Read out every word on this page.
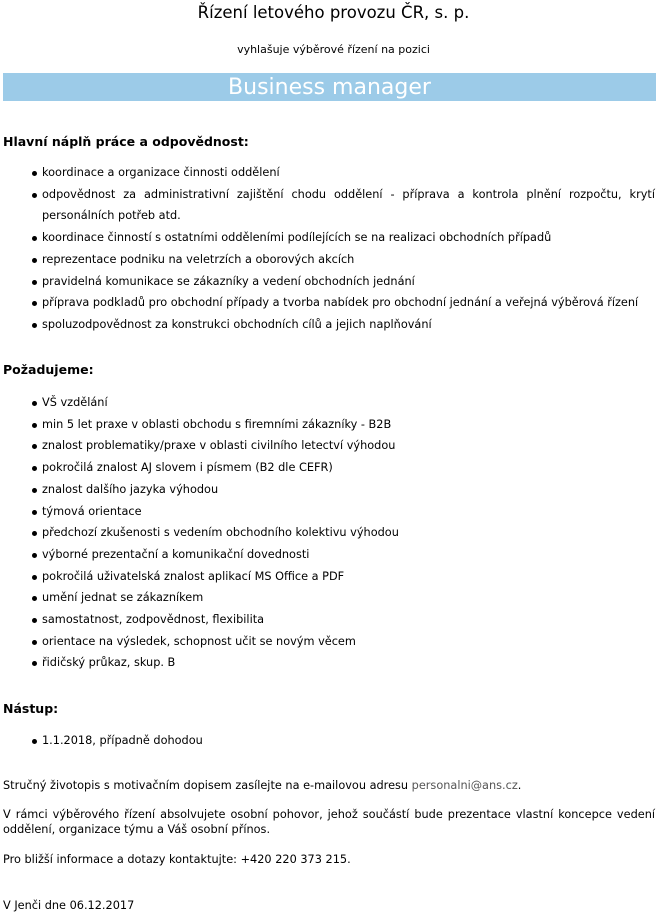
Řízení letového provozu ČR, s. p.
vyhlašuje výběrové řízení na pozici
Business manager
Hlavní náplň práce a odpovědnost:
koordinace a organizace činnosti oddělení
odpovědnost za administrativní zajištění chodu oddělení - příprava a kontrola plnění rozpočtu, krytí personálních potřeb atd.
koordinace činností s ostatními odděleními podílejících se na realizaci obchodních případů
reprezentace podniku na veletrzích a oborových akcích
pravidelná komunikace se zákazníky a vedení obchodních jednání
příprava podkladů pro obchodní případy a tvorba nabídek pro obchodní jednání a veřejná výběrová řízení
spoluzodpovědnost za konstrukci obchodních cílů a jejich naplňování
Požadujeme:
VŠ vzdělání
min 5 let praxe v oblasti obchodu s firemními zákazníky - B2B
znalost problematiky/praxe v oblasti civilního letectví výhodou
pokročilá znalost AJ slovem i písmem (B2 dle CEFR)
znalost dalšího jazyka výhodou
týmová orientace
předchozí zkušenosti s vedením obchodního kolektivu výhodou
výborné prezentační a komunikační dovednosti
pokročilá uživatelská znalost aplikací MS Office a PDF
umění jednat se zákazníkem
samostatnost, zodpovědnost, flexibilita
orientace na výsledek, schopnost učit se novým věcem
řidičský průkaz, skup. B
Nástup:
1.1.2018, případně dohodou
Stručný životopis s motivačním dopisem zasílejte na e-mailovou adresu personalni@ans.cz.
V rámci výběrového řízení absolvujete osobní pohovor, jehož součástí bude prezentace vlastní koncepce vedení oddělení, organizace týmu a Váš osobní přínos.
Pro bližší informace a dotazy kontaktujte: +420 220 373 215.
V Jenči dne 06.12.2017
